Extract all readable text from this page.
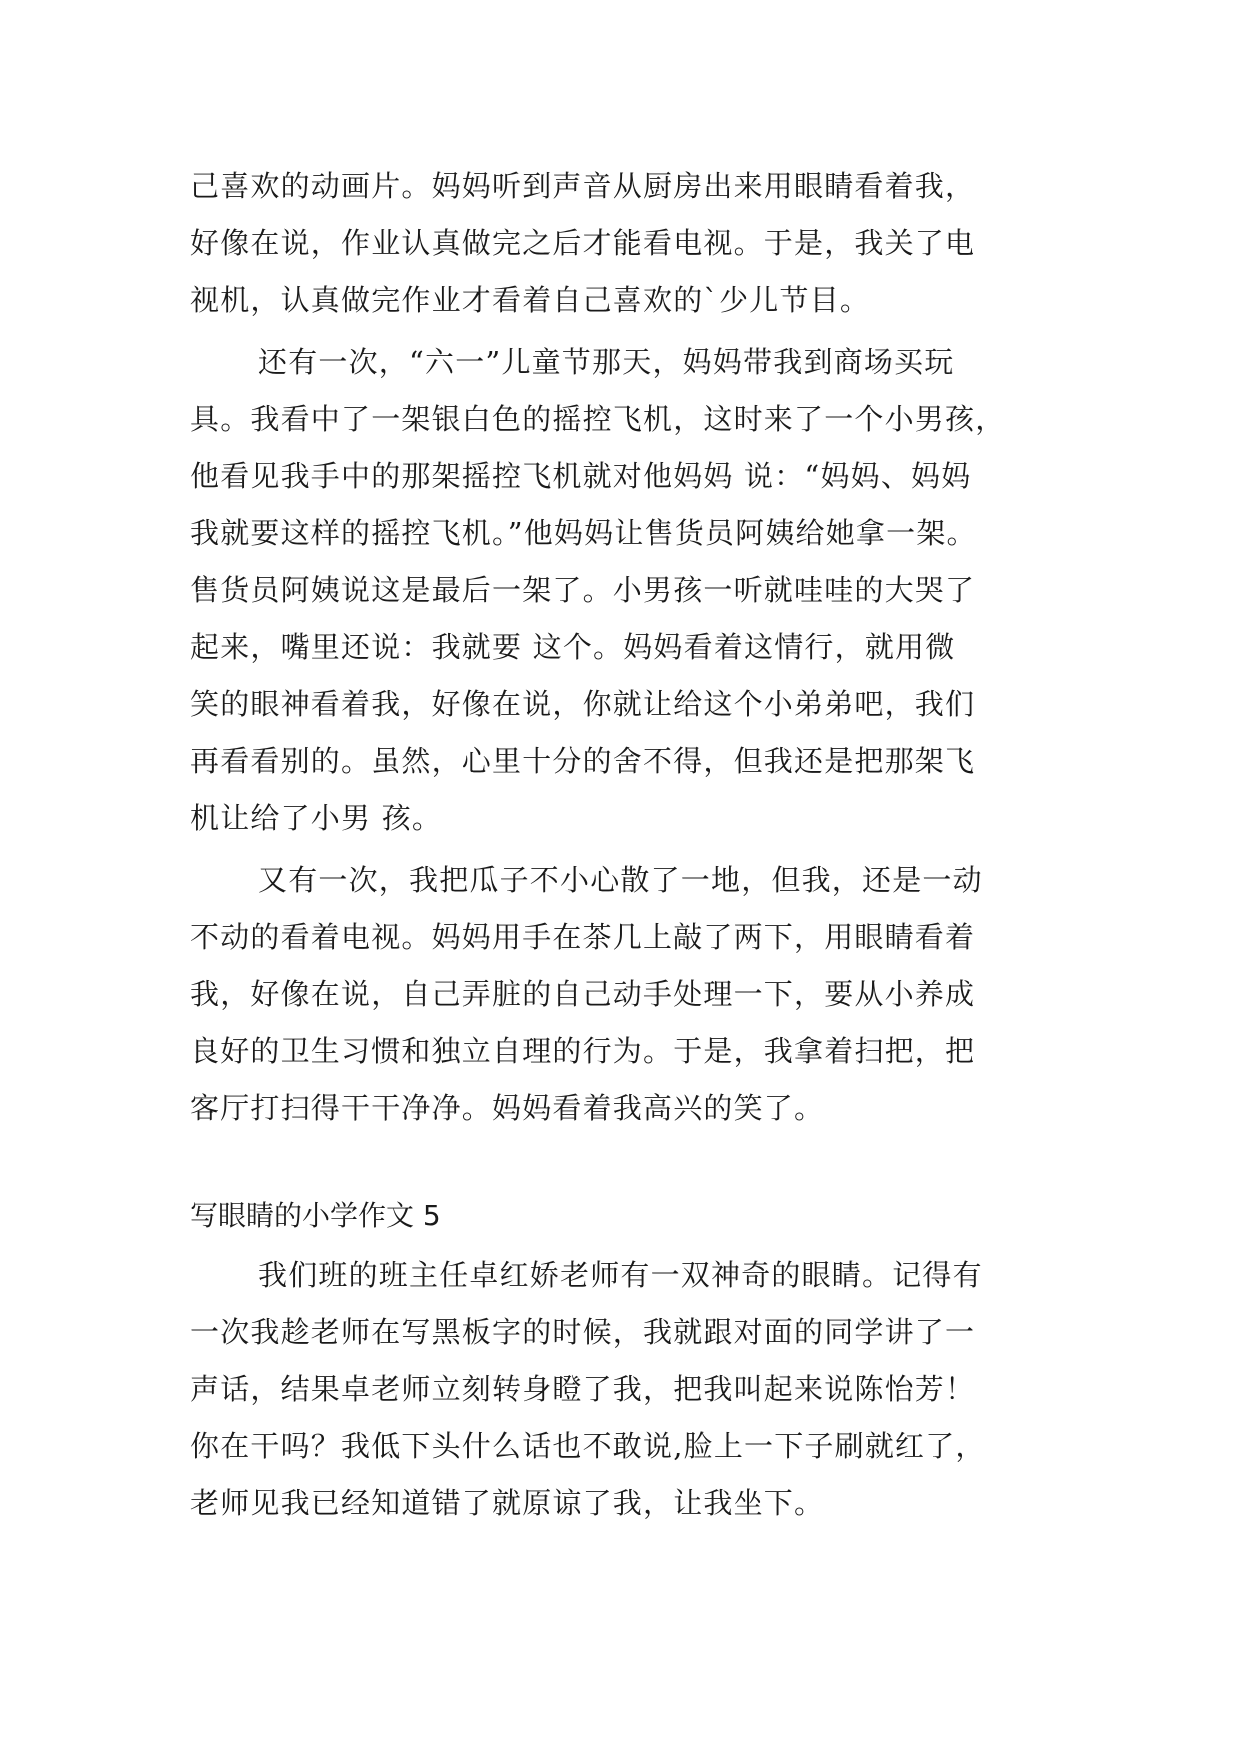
己喜欢的动画片。妈妈听到声音从厨房出来用眼睛看着我，
好像在说，作业认真做完之后才能看电视。于是，我关了电
视机，认真做完作业才看着自己喜欢的`少儿节目。
还有一次，“六一”儿童节那天，妈妈带我到商场买玩
具。我看中了一架银白色的摇控飞机，这时来了一个小男孩，
他看见我手中的那架摇控飞机就对他妈妈 说：“妈妈、妈妈
我就要这样的摇控飞机。”他妈妈让售货员阿姨给她拿一架。
售货员阿姨说这是最后一架了。小男孩一听就哇哇的大哭了
起来，嘴里还说：我就要 这个。妈妈看着这情行，就用微
笑的眼神看着我，好像在说，你就让给这个小弟弟吧，我们
再看看别的。虽然，心里十分的舍不得，但我还是把那架飞
机让给了小男 孩。
又有一次，我把瓜子不小心散了一地，但我，还是一动
不动的看着电视。妈妈用手在茶几上敲了两下，用眼睛看着
我，好像在说，自己弄脏的自己动手处理一下，要从小养成
良好的卫生习惯和独立自理的行为。于是，我拿着扫把，把
客厅打扫得干干净净。妈妈看着我高兴的笑了。
写眼睛的小学作文 5
我们班的班主任卓红娇老师有一双神奇的眼睛。记得有
一次我趁老师在写黑板字的时候，我就跟对面的同学讲了一
声话，结果卓老师立刻转身瞪了我，把我叫起来说陈怡芳！
你在干吗？我低下头什么话也不敢说,脸上一下子刷就红了，
老师见我已经知道错了就原谅了我，让我坐下。
